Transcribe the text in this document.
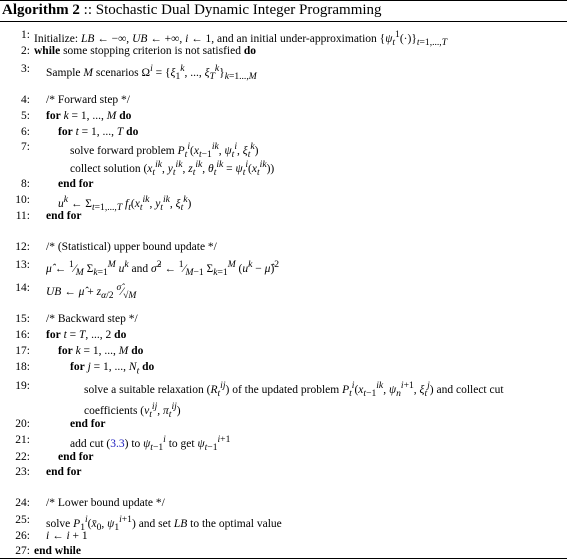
Algorithm 2 :: Stochastic Dual Dynamic Integer Programming
1: Initialize: LB ← −∞, UB ← +∞, i ← 1, and an initial under-approximation $\{\psi_t^1(\cdot)\}_{t=1,...,T}$
2: while some stopping criterion is not satisfied do
3: Sample M scenarios $\Omega^i = \{\xi_1^k$, ..., $\xi_T^k\}_{k=1...,M}$
4: /* Forward step */
5: for k = 1, ..., M do
6: for t = 1, ..., T do
7:	solve forward problem $P_t^i(x_{t-1}^{ik}$, $\psi_t^i$, $\xi_t^k$)
collect solution ($x_t^{ik}$, $y_t^{ik}$, $z_t^{ik}$, $\theta_t^{ik} = \psi_t^i(x_t^{ik})$)
8: end for
10: $u^k$ ← $\Sigma_{t=1,...,T}$ $f_t(x_t^{ik}$, $y_t^{ik}$, $\xi_t^k$)
11: end for
12: /* (Statistical) upper bound update */
13: μ̂ ← $^1⁄_M$ $\Sigma_{k=1}^M$ $u^k$ and σ̂$^2$ ← $^1⁄_{M-1}$ $\Sigma_{k=1}^M$ ($u^k$ − μ̂)$^2$
14: UB ← μ̂ + $z_{\alpha/2}$ $^{\sigmâ}⁄_{√M}$
15: /* Backward step */
16: for t = T, ..., 2 do
17: for k = 1, ..., M do
18:	for j = 1, ..., $N_t$ do
19:	solve a suitable relaxation $(R_t^{ij})$ of the updated problem $P_t^i(x_{t-1}^{ik}$, $\psi_n^{i+1}$, $\xi_t^j$) and collect cut
coefficients ($v_t^{ij}$, $\pi_t^{ij}$)
20:	end for
21:	add cut (3.3) to $\psi_{t-1}^i$ to get $\psi_{t-1}^{i+1}$
22: end for
23: end for
24: /* Lower bound update */
25: solve $P_1^i(x̄_0$, $\psi_1^{i+1}$) and set LB to the optimal value
26: i ← i + 1
27: end while
